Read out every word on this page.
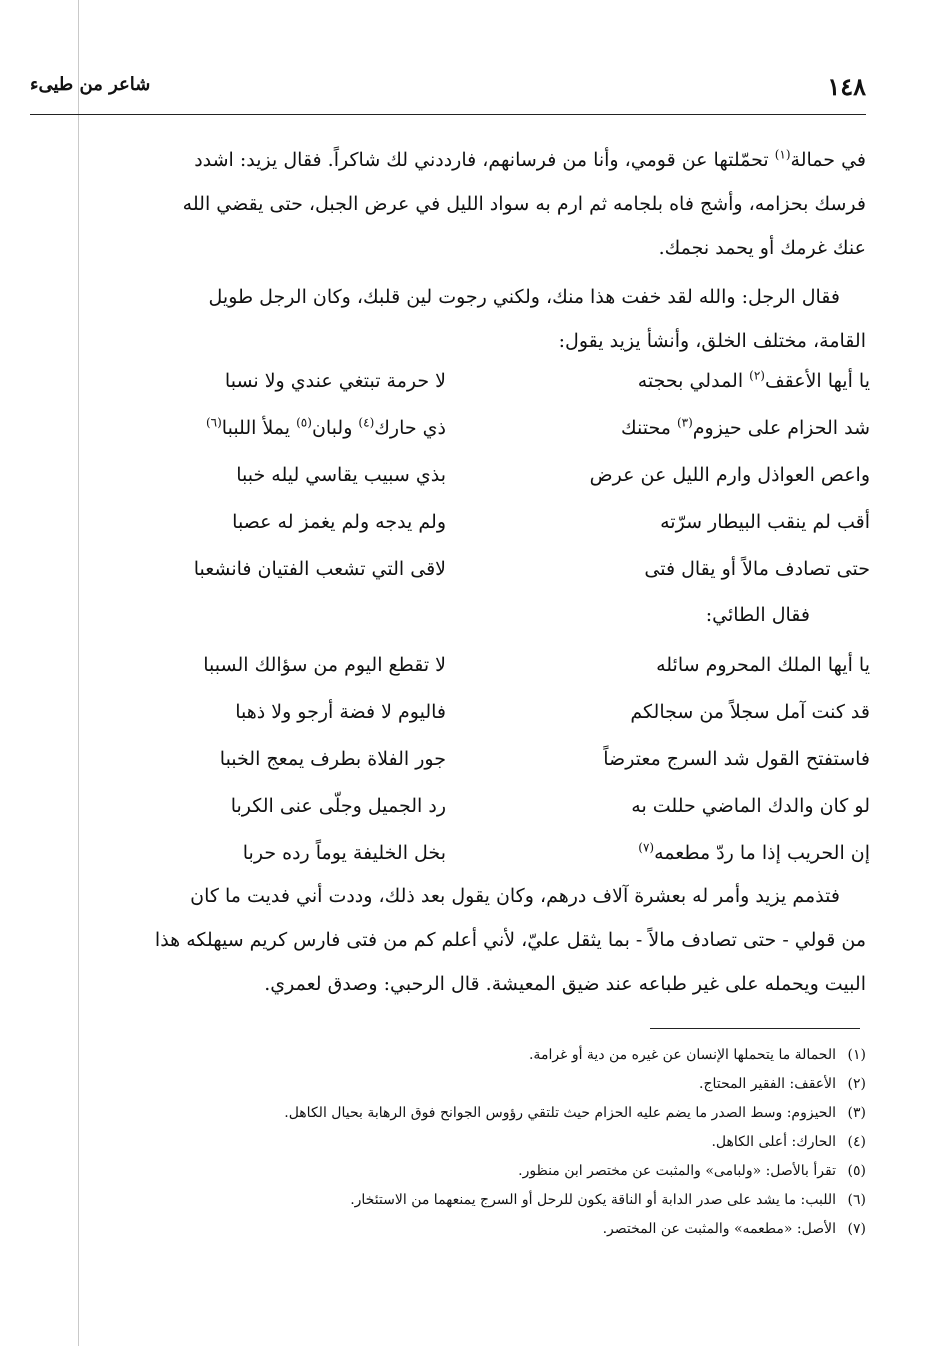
١٤٨
شاعر من طيىء

في حمالة$^{(١)}$ تحمّلتها عن قومي، وأنا من فرسانهم، فارددني لك شاكراً. فقال يزيد: اشدد

فرسك بحزامه، وأشج فاه بلجامه ثم ارم به سواد الليل في عرض الجبل، حتى يقضي الله

عنك غرمك أو يحمد نجمك.

فقال الرجل: والله لقد خفت هذا منك، ولكني رجوت لين قلبك، وكان الرجل طويل

القامة، مختلف الخلق، وأنشأ يزيد يقول:

يا أيها الأعقف$^{(٢)}$ المدلي بحجته
لا حرمة تبتغي عندي ولا نسبا
شد الحزام على حيزوم$^{(٣)}$ محتنك
ذي حارك$^{(٤)}$ ولبان$^{(٥)}$ يملأ اللببا$^{(٦)}$
واعص العواذل وارم الليل عن عرض
بذي سبيب يقاسي ليله خببا
أقب لم ينقب البيطار سرّته
ولم يدجه ولم يغمز له عصبا
حتى تصادف مالاً أو يقال فتى
لاقى التي تشعب الفتيان فانشعبا
فقال الطائي:
يا أيها الملك المحروم سائله
لا تقطع اليوم من سؤالك السببا
قد كنت آمل سجلاً من سجالكم
فاليوم لا فضة أرجو ولا ذهبا
فاستفتح القول شد السرج معترضاً
جور الفلاة بطرف يمعج الخببا
لو كان والدك الماضي حللت به
رد الجميل وجلّى عنى الكربا
إن الحريب إذا ما ردّ مطعمه$^{(٧)}$
بخل الخليفة يوماً رده حربا

فتذمم يزيد وأمر له بعشرة آلاف درهم، وكان يقول بعد ذلك، وددت أني فديت ما كان

من قولي - حتى تصادف مالاً - بما يثقل عليّ، لأني أعلم كم من فتى فارس كريم سيهلكه هذا

البيت ويحمله على غير طباعه عند ضيق المعيشة. قال الرحبي: وصدق لعمري.

(١)
الحمالة ما يتحملها الإنسان عن غيره من دية أو غرامة.
(٢)
الأعقف: الفقير المحتاج.
(٣)
الحيزوم: وسط الصدر ما يضم عليه الحزام حيث تلتقي رؤوس الجوانح فوق الرهابة بحيال الكاهل.
(٤)
الحارك: أعلى الكاهل.
(٥)
تقرأ بالأصل: «ولبامى» والمثبت عن مختصر ابن منظور.
(٦)
اللبب: ما يشد على صدر الدابة أو الناقة يكون للرحل أو السرج يمنعهما من الاستئخار.
(٧)
الأصل: «مطعمه» والمثبت عن المختصر.
